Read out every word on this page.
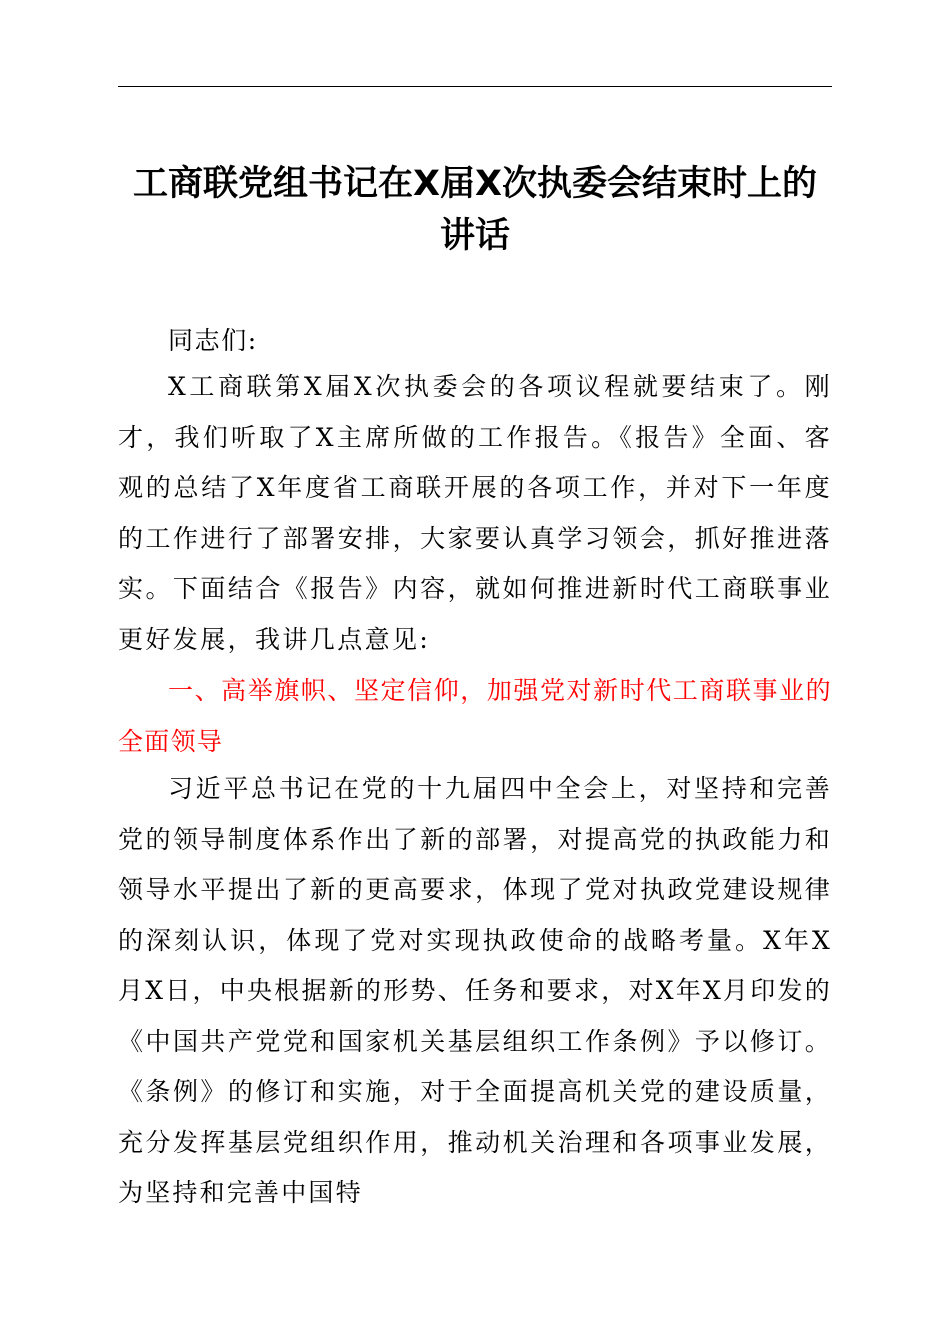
工商联党组书记在X届X次执委会结束时上的讲话

同志们:

X工商联第X届X次执委会的各项议程就要结束了。刚才，我们听取了X主席所做的工作报告。《报告》全面、客观的总结了X年度省工商联开展的各项工作，并对下一年度的工作进行了部署安排，大家要认真学习领会，抓好推进落实。下面结合《报告》内容，就如何推进新时代工商联事业更好发展，我讲几点意见:

一、高举旗帜、坚定信仰，加强党对新时代工商联事业的全面领导

习近平总书记在党的十九届四中全会上，对坚持和完善党的领导制度体系作出了新的部署，对提高党的执政能力和领导水平提出了新的更高要求，体现了党对执政党建设规律的深刻认识，体现了党对实现执政使命的战略考量。X年X月X日，中央根据新的形势、任务和要求，对X年X月印发的《中国共产党党和国家机关基层组织工作条例》予以修订。《条例》的修订和实施，对于全面提高机关党的建设质量，充分发挥基层党组织作用，推动机关治理和各项事业发展，为坚持和完善中国特
